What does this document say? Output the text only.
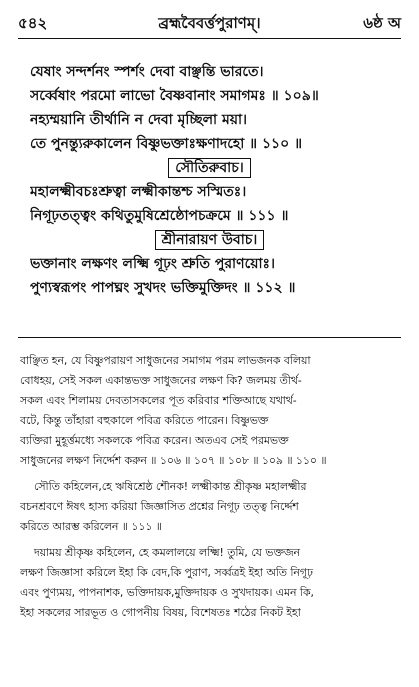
৫৪২	ব্রহ্মবৈবর্ত্তপুরাণম্।	৬ষ্ঠ অ
যেষাং সন্দর্শনং স্পর্শং দেবা বাঞ্ছন্তি ভারতে।
সর্ব্বেষাং পরমো লাভো বৈষ্ণবানাং সমাগমঃ ॥ ১০৯॥
নহ্যম্ময়ানি তীর্থানি ন দেবা মৃচ্ছিলা ময়া।
তে পুনন্ত্যুরুকালেন বিষ্ণুভক্তাঃক্ষণাদহো ॥ ১১০ ॥
সৌতিরুবাচ।
মহালক্ষ্মীবচঃশ্রুত্বা লক্ষ্মীকান্তশ্চ সস্মিতঃ।
নিগূঢ়তত্ত্বং কথিতুমুষিশ্রেষ্ঠোপচক্রমে ॥ ১১১ ॥
শ্রীনারায়ণ উবাচ।
ভক্তানাং লক্ষণং লক্ষ্মি গূঢ়ং শ্রুতি পুরাণয়োঃ।
পুণ্যস্বরূপং পাপঘ্নং সুখদং ভক্তিমুক্তিদং ॥ ১১২ ॥
বাঞ্ছিত হন, যে বিষ্ণুপরায়ণ সাধুজনের সমাগম পরম লাভজনক বলিয়া
বোধহয়, সেই সকল একান্তভক্ত সাধুজনের লক্ষণ কি? জলময় তীর্থ-
সকল এবং শিলাময় দেবতাসকলের পূত করিবার শক্তিআছে যথার্থ-
বটে, কিন্তু তাঁহারা বহুকালে পবিত্র করিতে পারেন। বিষ্ণুভক্ত
ব্যক্তিরা মুহূর্ত্তমধ্যে সকলকে পবিত্র করেন। অতএব সেই পরমভক্ত
সাধুজনের লক্ষণ নির্দ্দেশ করুন ॥ ১০৬ ॥ ১০৭ ॥ ১০৮ ॥ ১০৯ ॥ ১১০ ॥
সৌতি কহিলেন,হে ঋষিশ্রেষ্ঠ শৌনক! লক্ষ্মীকান্ত শ্রীকৃষ্ণ মহালক্ষ্মীর
বচনশ্রবণে ঈষৎ হাস্য করিয়া জিজ্ঞাসিত প্রশ্নের নিগূঢ় তত্ত্ব নির্দ্দেশ
করিতে আরম্ভ করিলেন ॥ ১১১ ॥
দয়াময় শ্রীকৃষ্ণ কহিলেন, হে কমলালয়ে লক্ষ্মি! তুমি, যে ভক্তজন
লক্ষণ জিজ্ঞাসা করিলে ইহা কি বেদ,কি পুরাণ, সর্ব্বত্রই ইহা অতি নিগূঢ়
এবং পুণ্যময়, পাপনাশক, ভক্তিদায়ক,মুক্তিদায়ক ও সুখদায়ক। এমন কি,
ইহা সকলের সারভূত ও গোপনীয় বিষয়, বিশেষতঃ শঠের নিকট ইহা
